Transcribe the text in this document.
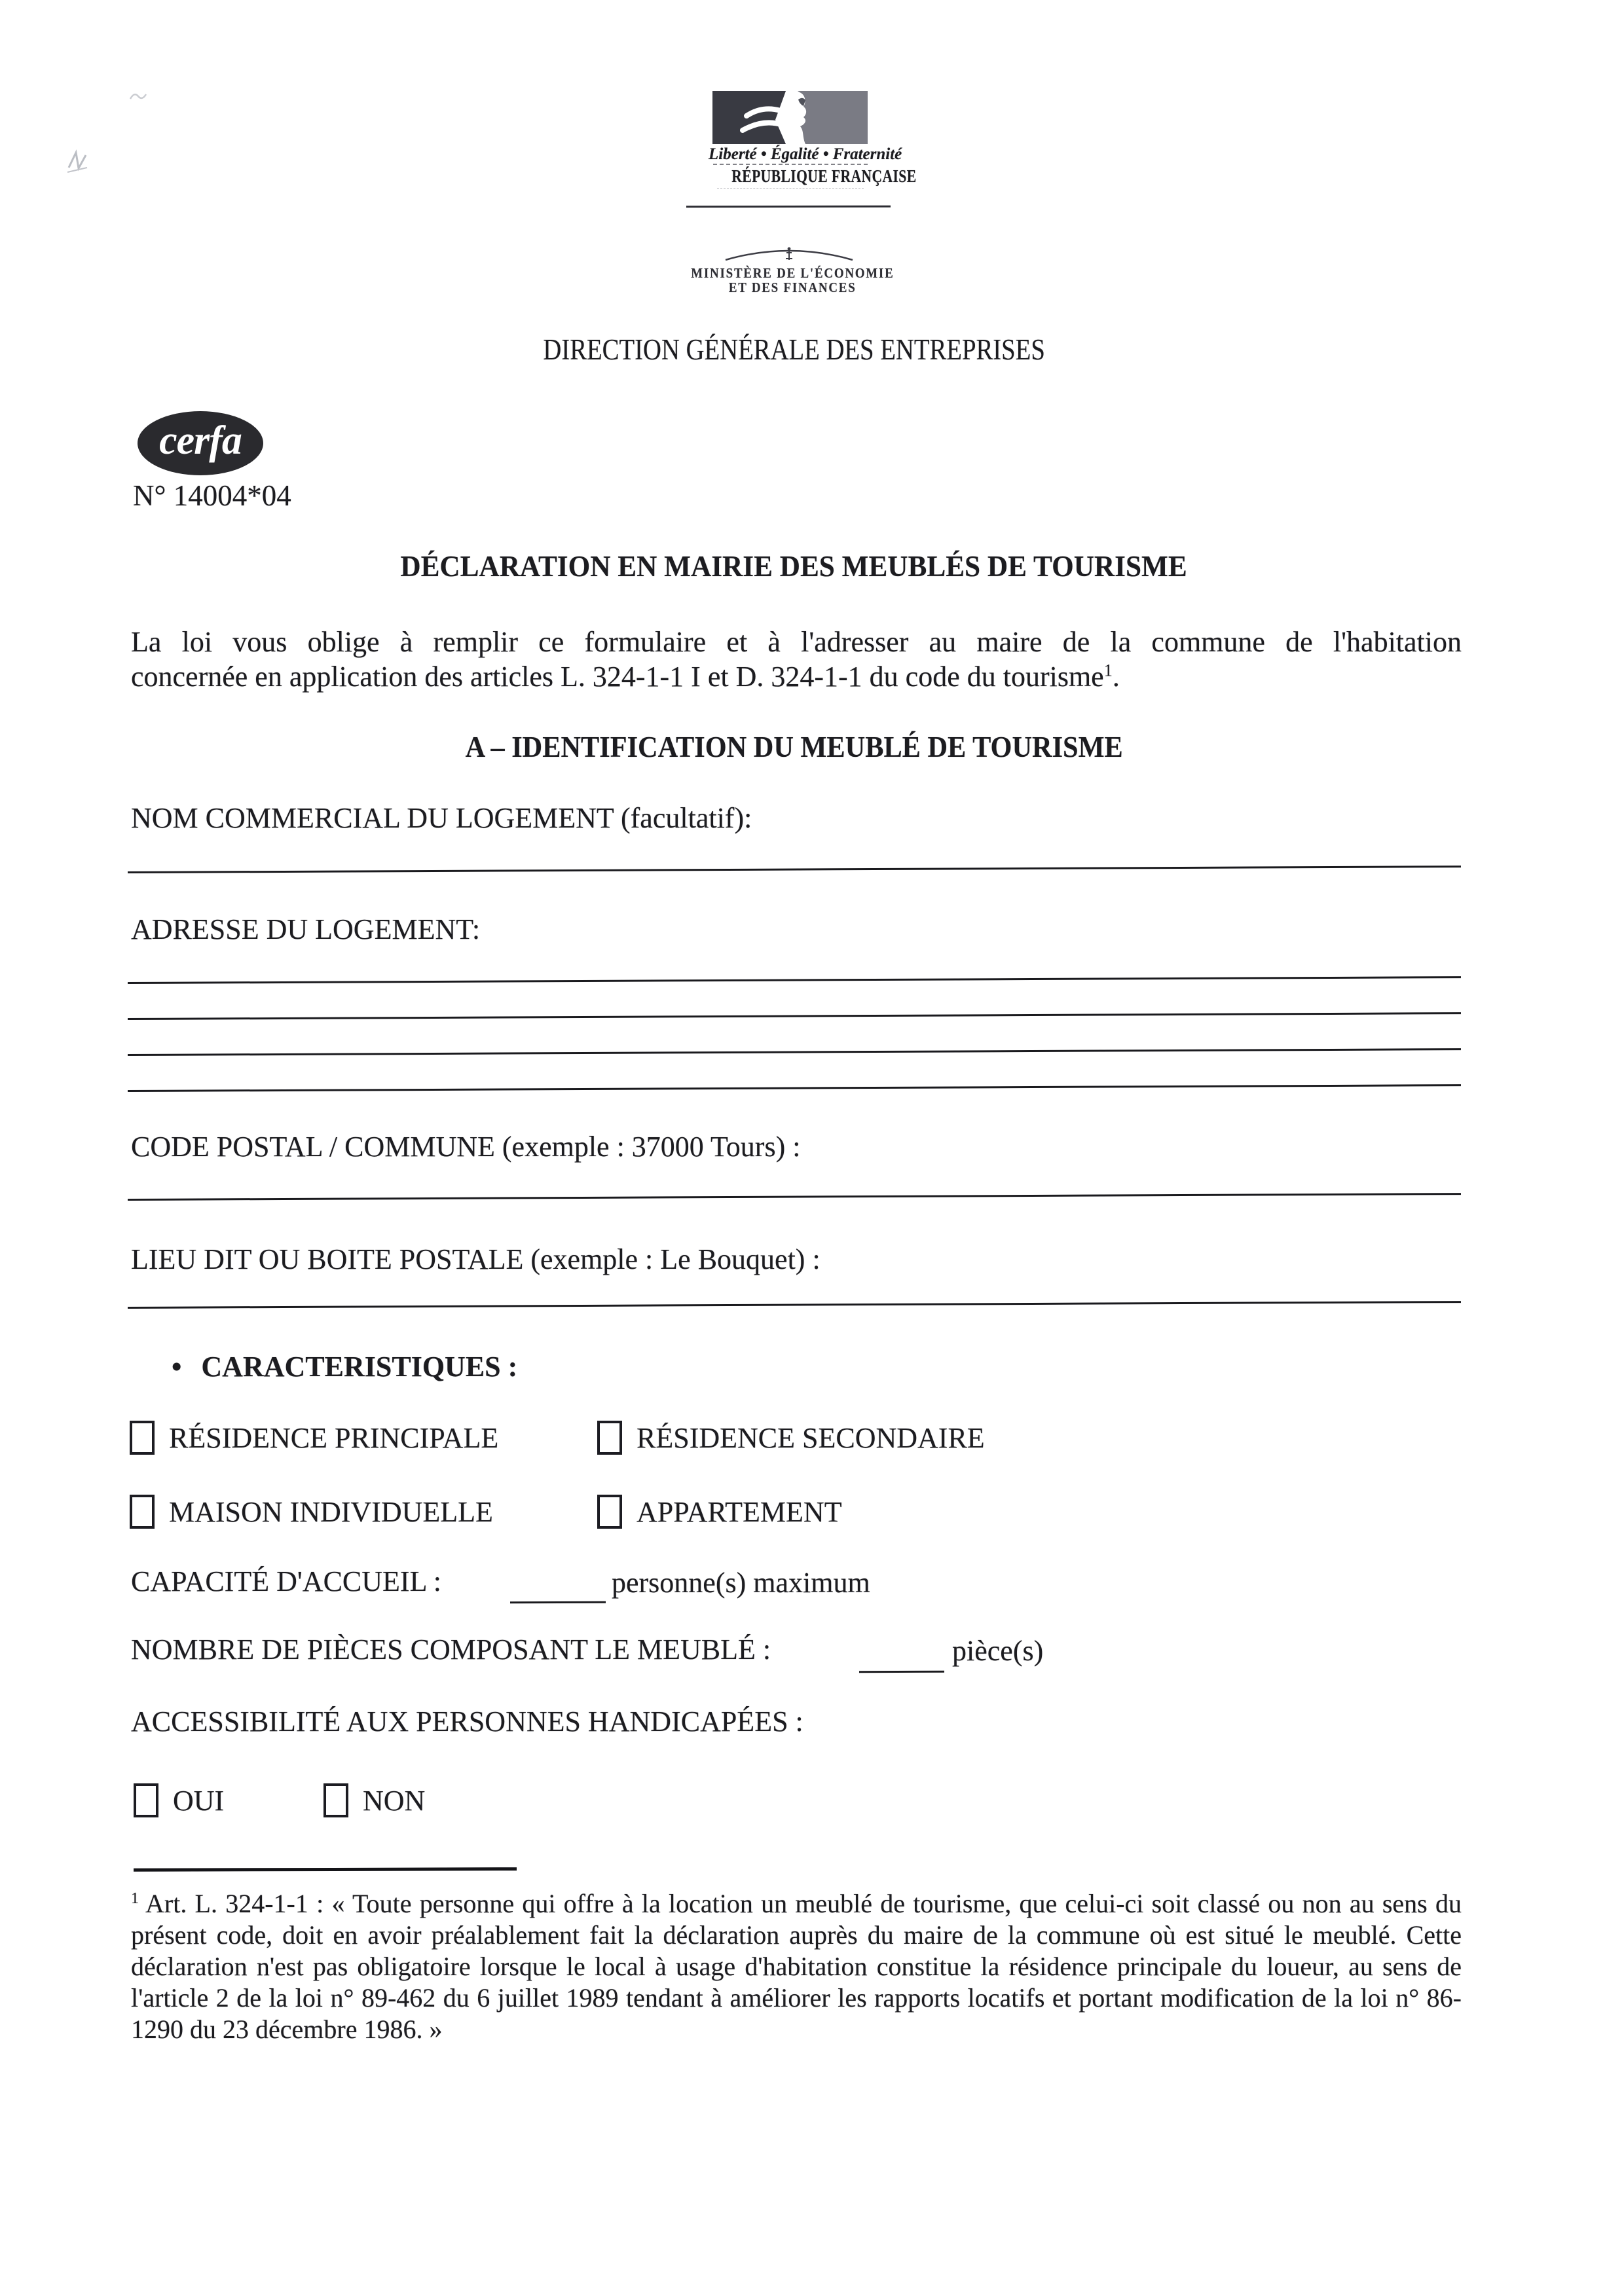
Liberté • Égalité • Fraternité
RÉPUBLIQUE FRANÇAISE
MINISTÈRE DE L'ÉCONOMIE
ET DES FINANCES
DIRECTION GÉNÉRALE DES ENTREPRISES
cerfa
N° 14004*04
DÉCLARATION EN MAIRIE DES MEUBLÉS DE TOURISME
La loi vous oblige à remplir ce formulaire et à l'adresser au maire de la commune de l'habitation
concernée en application des articles L. 324-1-1 I et D. 324-1-1 du code du tourisme$^1$.
A – IDENTIFICATION DU MEUBLÉ DE TOURISME
NOM COMMERCIAL DU LOGEMENT (facultatif):
ADRESSE DU LOGEMENT:
CODE POSTAL / COMMUNE (exemple : 37000 Tours) :
LIEU DIT OU BOITE POSTALE (exemple : Le Bouquet) :
• CARACTERISTIQUES :
RÉSIDENCE PRINCIPALE	RÉSIDENCE SECONDAIRE
MAISON INDIVIDUELLE	APPARTEMENT
CAPACITÉ D'ACCUEIL :	personne(s) maximum
NOMBRE DE PIÈCES COMPOSANT LE MEUBLÉ :	pièce(s)
ACCESSIBILITÉ AUX PERSONNES HANDICAPÉES :
OUI	NON
$^1$ Art. L. 324-1-1 : « Toute personne qui offre à la location un meublé de tourisme, que celui-ci soit classé ou non au sens du présent code, doit en avoir préalablement fait la déclaration auprès du maire de la commune où est situé le meublé. Cette déclaration n'est pas obligatoire lorsque le local à usage d'habitation constitue la résidence principale du loueur, au sens de l'article 2 de la loi n° 89-462 du 6 juillet 1989 tendant à améliorer les rapports locatifs et portant modification de la loi n° 86-1290 du 23 décembre 1986. »
